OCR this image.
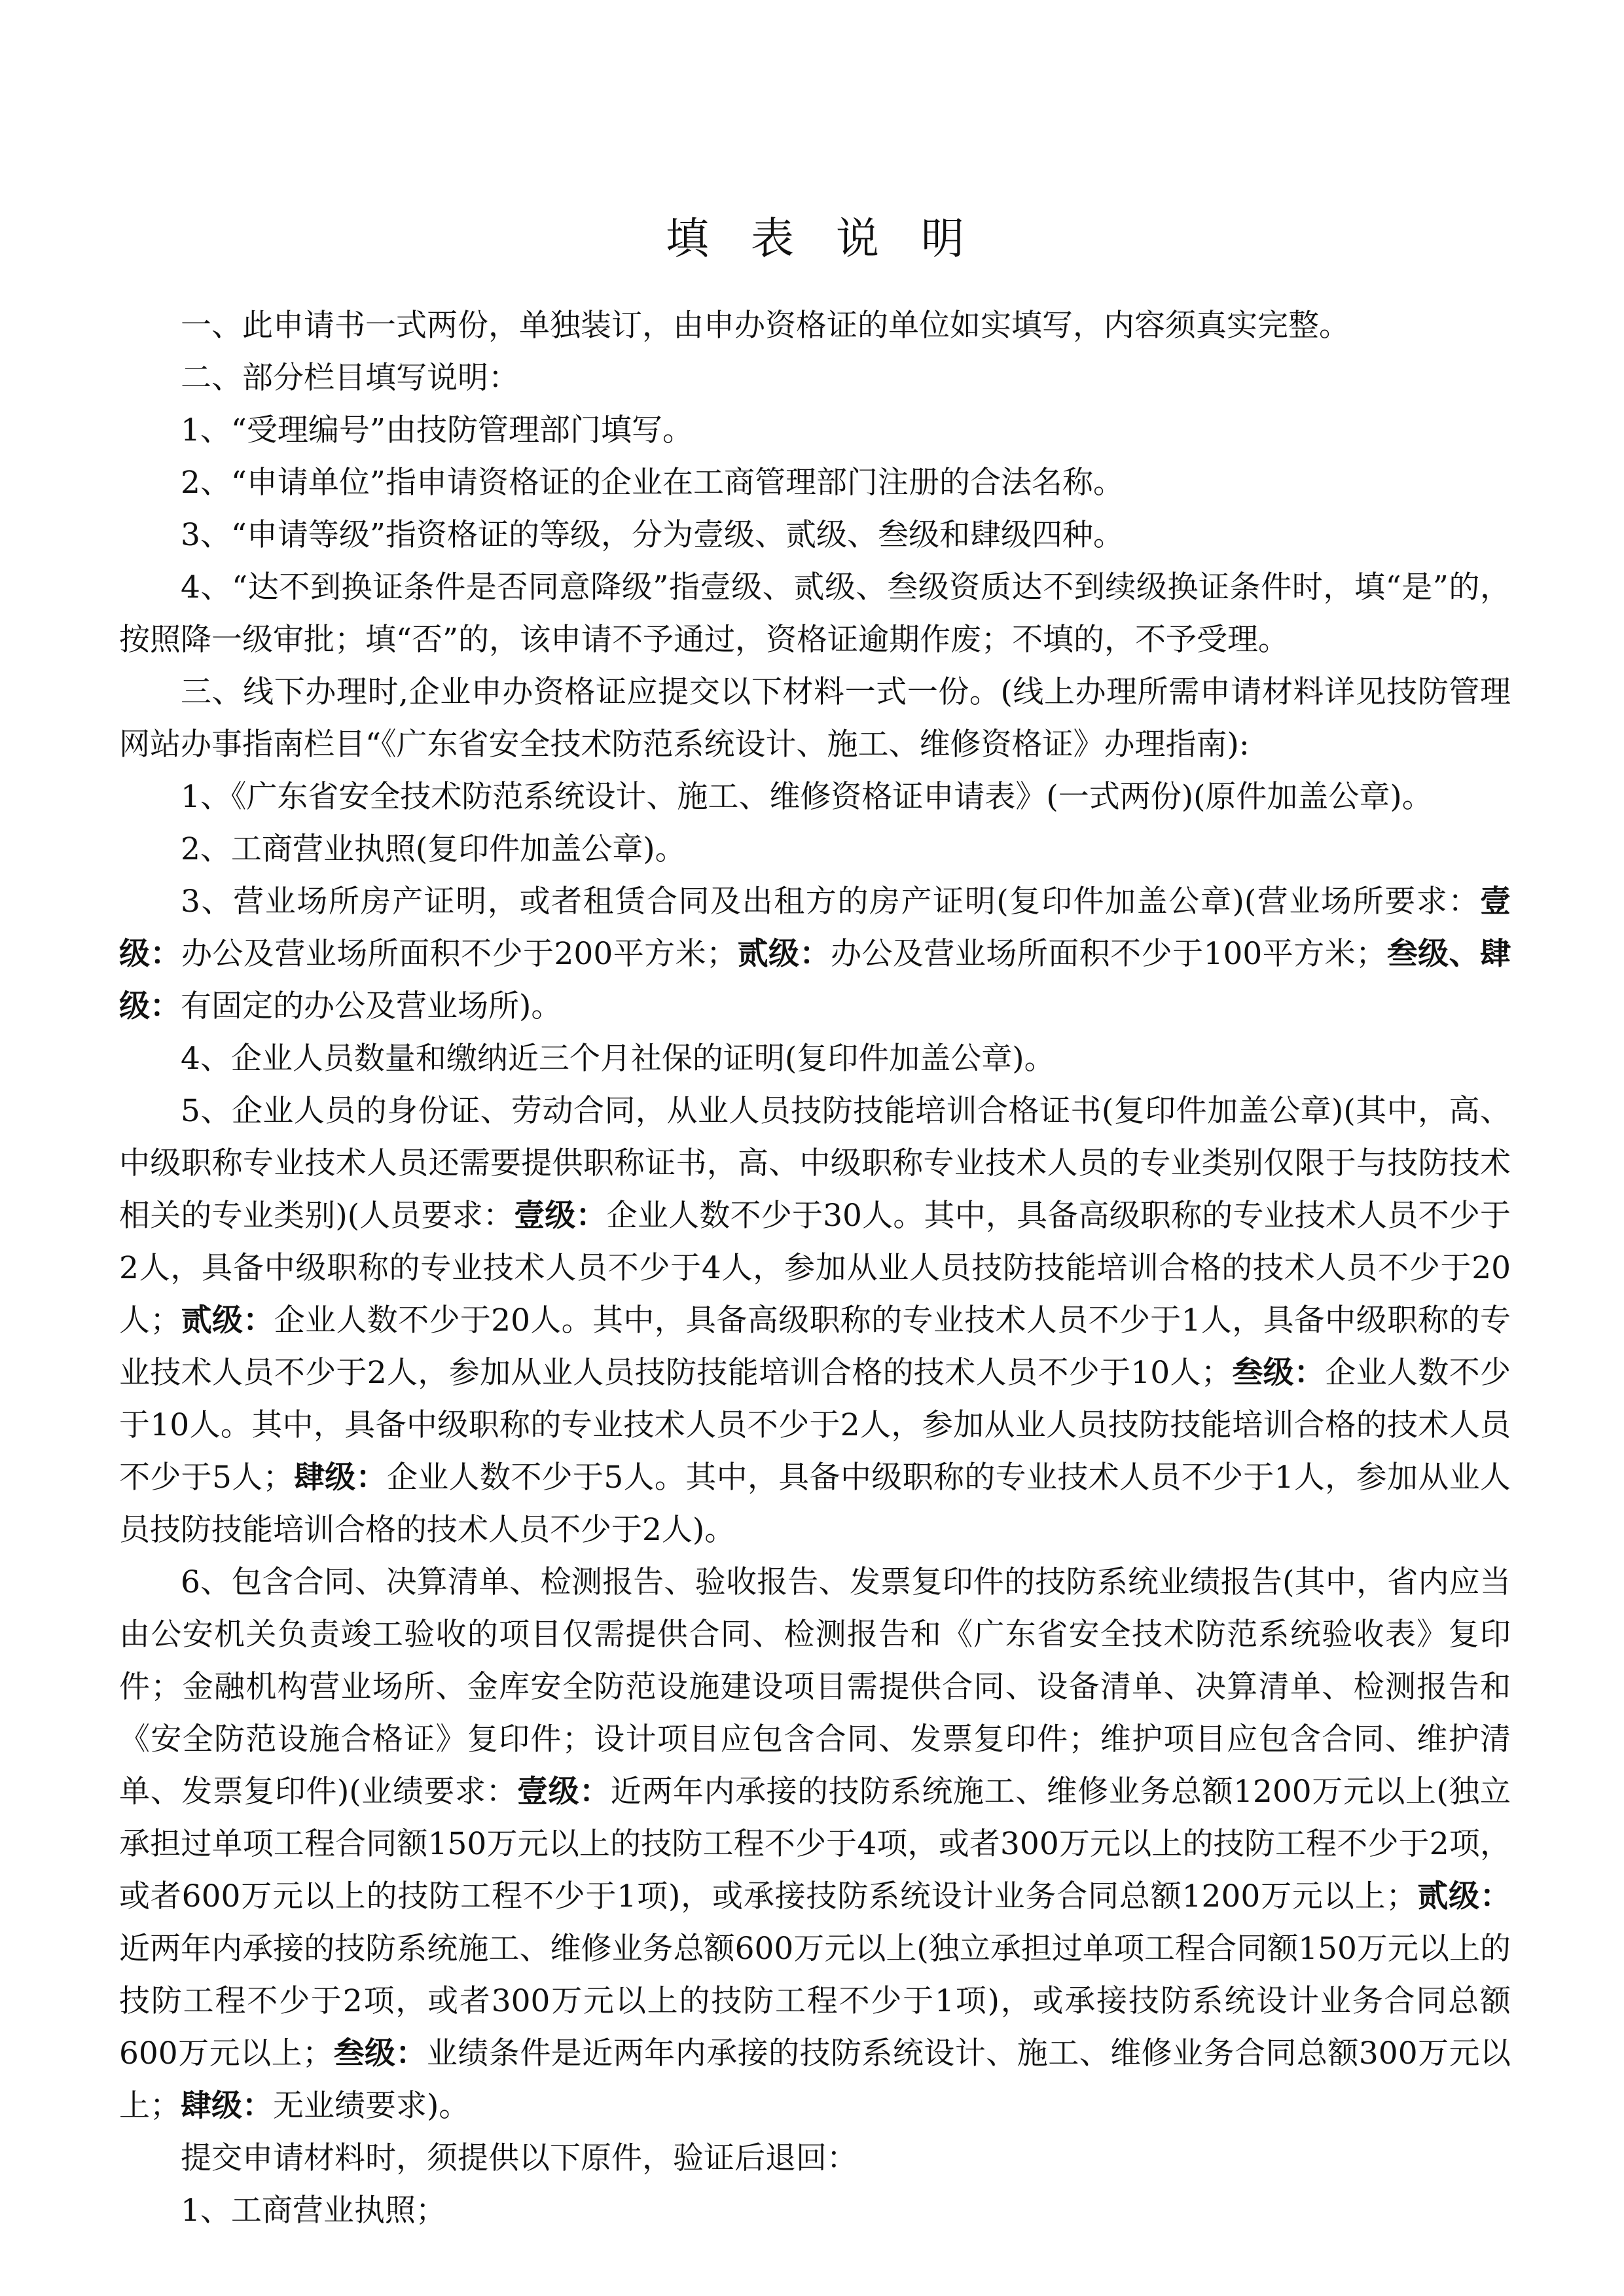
填表说明

一、此申请书一式两份，单独装订，由申办资格证的单位如实填写，内容须真实完整。

二、部分栏目填写说明：

1、“受理编号”由技防管理部门填写。

2、“申请单位”指申请资格证的企业在工商管理部门注册的合法名称。

3、“申请等级”指资格证的等级，分为壹级、贰级、叁级和肆级四种。

4、“达不到换证条件是否同意降级”指壹级、贰级、叁级资质达不到续级换证条件时，填“是”的，按照降一级审批；填“否”的，该申请不予通过，资格证逾期作废；不填的，不予受理。

三、线下办理时,企业申办资格证应提交以下材料一式一份。(线上办理所需申请材料详见技防管理网站办事指南栏目“《广东省安全技术防范系统设计、施工、维修资格证》办理指南):

1、《广东省安全技术防范系统设计、施工、维修资格证申请表》(一式两份)(原件加盖公章)。

2、工商营业执照(复印件加盖公章)。

3、营业场所房产证明，或者租赁合同及出租方的房产证明(复印件加盖公章)(营业场所要求：壹级：办公及营业场所面积不少于200平方米；贰级：办公及营业场所面积不少于100平方米；叁级、肆级：有固定的办公及营业场所)。

4、企业人员数量和缴纳近三个月社保的证明(复印件加盖公章)。

5、企业人员的身份证、劳动合同，从业人员技防技能培训合格证书(复印件加盖公章)(其中，高、中级职称专业技术人员还需要提供职称证书，高、中级职称专业技术人员的专业类别仅限于与技防技术相关的专业类别)(人员要求：壹级：企业人数不少于30人。其中，具备高级职称的专业技术人员不少于2人，具备中级职称的专业技术人员不少于4人，参加从业人员技防技能培训合格的技术人员不少于20人；贰级：企业人数不少于20人。其中，具备高级职称的专业技术人员不少于1人，具备中级职称的专业技术人员不少于2人，参加从业人员技防技能培训合格的技术人员不少于10人；叁级：企业人数不少于10人。其中，具备中级职称的专业技术人员不少于2人，参加从业人员技防技能培训合格的技术人员不少于5人；肆级：企业人数不少于5人。其中，具备中级职称的专业技术人员不少于1人，参加从业人员技防技能培训合格的技术人员不少于2人)。

6、包含合同、决算清单、检测报告、验收报告、发票复印件的技防系统业绩报告(其中，省内应当由公安机关负责竣工验收的项目仅需提供合同、检测报告和《广东省安全技术防范系统验收表》复印件；金融机构营业场所、金库安全防范设施建设项目需提供合同、设备清单、决算清单、检测报告和《安全防范设施合格证》复印件；设计项目应包含合同、发票复印件；维护项目应包含合同、维护清单、发票复印件)(业绩要求：壹级：近两年内承接的技防系统施工、维修业务总额1200万元以上(独立承担过单项工程合同额150万元以上的技防工程不少于4项，或者300万元以上的技防工程不少于2项，或者600万元以上的技防工程不少于1项)，或承接技防系统设计业务合同总额1200万元以上；贰级：近两年内承接的技防系统施工、维修业务总额600万元以上(独立承担过单项工程合同额150万元以上的技防工程不少于2项，或者300万元以上的技防工程不少于1项)，或承接技防系统设计业务合同总额600万元以上；叁级：业绩条件是近两年内承接的技防系统设计、施工、维修业务合同总额300万元以上；肆级：无业绩要求)。

提交申请材料时，须提供以下原件，验证后退回：

1、工商营业执照；
